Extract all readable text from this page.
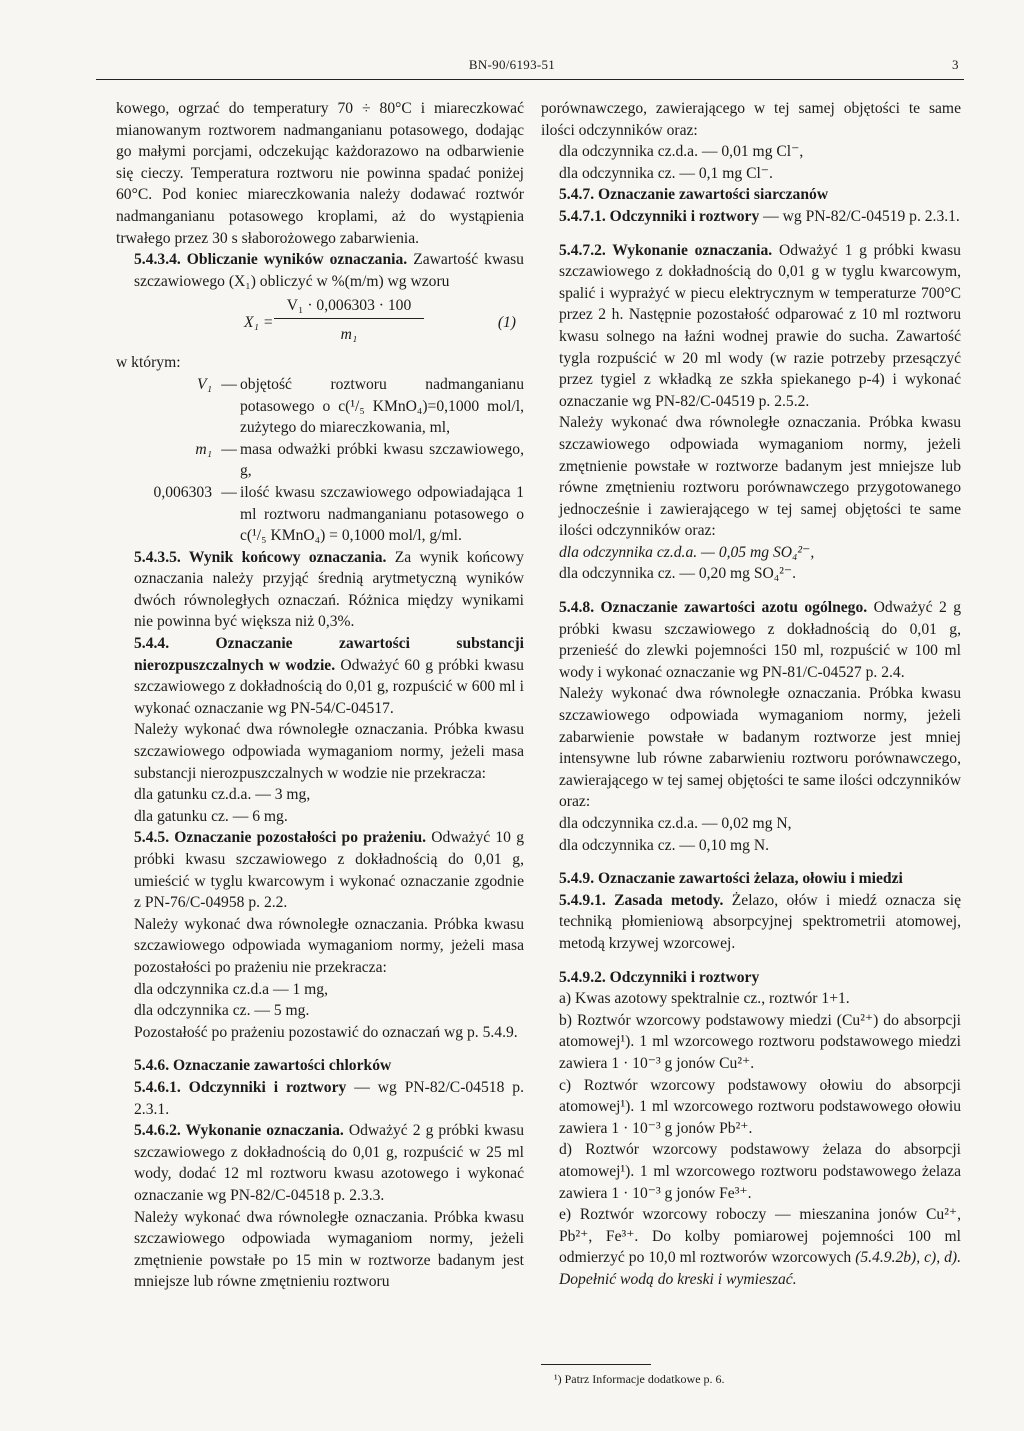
BN-90/6193-51	3

kowego, ogrzać do temperatury 70 ÷ 80°C i miareczkować mianowanym roztworem nadmanganianu potasowego, dodając go małymi porcjami, odczekując każdorazowo na odbarwienie się cieczy. Temperatura roztworu nie powinna spadać poniżej 60°C. Pod koniec miareczkowania należy dodawać roztwór nadmanganianu potasowego kroplami, aż do wystąpienia trwałego przez 30 s słaborożowego zabarwienia.

5.4.3.4. Obliczanie wyników oznaczania. Zawartość kwasu szczawiowego (X₁) obliczyć w %(m/m) wg wzoru

X₁ =
V₁ · 0,006303 · 100
m₁
(1)

w którym:

V₁ — objętość roztworu nadmanganianu potasowego o c(¹/₅ KMnO₄)=0,1000 mol/l, zużytego do miareczkowania, ml,
m₁ — masa odważki próbki kwasu szczawiowego, g,
0,006303 — ilość kwasu szczawiowego odpowiadająca 1 ml roztworu nadmanganianu potasowego o c(¹/₅ KMnO₄) = 0,1000 mol/l, g/ml.

5.4.3.5. Wynik końcowy oznaczania. Za wynik końcowy oznaczania należy przyjąć średnią arytmetyczną wyników dwóch równoległych oznaczań. Różnica między wynikami nie powinna być większa niż 0,3%.

5.4.4. Oznaczanie zawartości substancji nierozpuszczalnych w wodzie. Odważyć 60 g próbki kwasu szczawiowego z dokładnością do 0,01 g, rozpuścić w 600 ml i wykonać oznaczanie wg PN-54/C-04517.

Należy wykonać dwa równoległe oznaczania. Próbka kwasu szczawiowego odpowiada wymaganiom normy, jeżeli masa substancji nierozpuszczalnych w wodzie nie przekracza:

dla gatunku cz.d.a. — 3 mg,

dla gatunku cz. — 6 mg.

5.4.5. Oznaczanie pozostałości po prażeniu. Odważyć 10 g próbki kwasu szczawiowego z dokładnością do 0,01 g, umieścić w tyglu kwarcowym i wykonać oznaczanie zgodnie z PN-76/C-04958 p. 2.2.

Należy wykonać dwa równoległe oznaczania. Próbka kwasu szczawiowego odpowiada wymaganiom normy, jeżeli masa pozostałości po prażeniu nie przekracza:

dla odczynnika cz.d.a — 1 mg,

dla odczynnika cz. — 5 mg.

Pozostałość po prażeniu pozostawić do oznaczań wg p. 5.4.9.

5.4.6. Oznaczanie zawartości chlorków

5.4.6.1. Odczynniki i roztwory — wg PN-82/C-04518 p. 2.3.1.

5.4.6.2. Wykonanie oznaczania. Odważyć 2 g próbki kwasu szczawiowego z dokładnością do 0,01 g, rozpuścić w 25 ml wody, dodać 12 ml roztworu kwasu azotowego i wykonać oznaczanie wg PN-82/C-04518 p. 2.3.3.

Należy wykonać dwa równoległe oznaczania. Próbka kwasu szczawiowego odpowiada wymaganiom normy, jeżeli zmętnienie powstałe po 15 min w roztworze badanym jest mniejsze lub równe zmętnieniu roztworu

porównawczego, zawierającego w tej samej objętości te same ilości odczynników oraz:

dla odczynnika cz.d.a. — 0,01 mg Cl⁻,

dla odczynnika cz. — 0,1 mg Cl⁻.

5.4.7. Oznaczanie zawartości siarczanów

5.4.7.1. Odczynniki i roztwory — wg PN-82/C-04519 p. 2.3.1.

5.4.7.2. Wykonanie oznaczania. Odważyć 1 g próbki kwasu szczawiowego z dokładnością do 0,01 g w tyglu kwarcowym, spalić i wyprażyć w piecu elektrycznym w temperaturze 700°C przez 2 h. Następnie pozostałość odparować z 10 ml roztworu kwasu solnego na łaźni wodnej prawie do sucha. Zawartość tygla rozpuścić w 20 ml wody (w razie potrzeby przesączyć przez tygiel z wkładką ze szkła spiekanego p-4) i wykonać oznaczanie wg PN-82/C-04519 p. 2.5.2.

Należy wykonać dwa równoległe oznaczania. Próbka kwasu szczawiowego odpowiada wymaganiom normy, jeżeli zmętnienie powstałe w roztworze badanym jest mniejsze lub równe zmętnieniu roztworu porównawczego przygotowanego jednocześnie i zawierającego w tej samej objętości te same ilości odczynników oraz:

dla odczynnika cz.d.a. — 0,05 mg SO₄²⁻,

dla odczynnika cz. — 0,20 mg SO₄²⁻.

5.4.8. Oznaczanie zawartości azotu ogólnego. Odważyć 2 g próbki kwasu szczawiowego z dokładnością do 0,01 g, przenieść do zlewki pojemności 150 ml, rozpuścić w 100 ml wody i wykonać oznaczanie wg PN-81/C-04527 p. 2.4.

Należy wykonać dwa równoległe oznaczania. Próbka kwasu szczawiowego odpowiada wymaganiom normy, jeżeli zabarwienie powstałe w badanym roztworze jest mniej intensywne lub równe zabarwieniu roztworu porównawczego, zawierającego w tej samej objętości te same ilości odczynników oraz:

dla odczynnika cz.d.a. — 0,02 mg N,

dla odczynnika cz. — 0,10 mg N.

5.4.9. Oznaczanie zawartości żelaza, ołowiu i miedzi

5.4.9.1. Zasada metody. Żelazo, ołów i miedź oznacza się techniką płomieniową absorpcyjnej spektrometrii atomowej, metodą krzywej wzorcowej.

5.4.9.2. Odczynniki i roztwory

a) Kwas azotowy spektralnie cz., roztwór 1+1.

b) Roztwór wzorcowy podstawowy miedzi (Cu²⁺) do absorpcji atomowej¹). 1 ml wzorcowego roztworu podstawowego miedzi zawiera 1 · 10⁻³ g jonów Cu²⁺.

c) Roztwór wzorcowy podstawowy ołowiu do absorpcji atomowej¹). 1 ml wzorcowego roztworu podstawowego ołowiu zawiera 1 · 10⁻³ g jonów Pb²⁺.

d) Roztwór wzorcowy podstawowy żelaza do absorpcji atomowej¹). 1 ml wzorcowego roztworu podstawowego żelaza zawiera 1 · 10⁻³ g jonów Fe³⁺.

e) Roztwór wzorcowy roboczy — mieszanina jonów Cu²⁺, Pb²⁺, Fe³⁺. Do kolby pomiarowej pojemności 100 ml odmierzyć po 10,0 ml roztworów wzorcowych (5.4.9.2b), c), d). Dopełnić wodą do kreski i wymieszać.

¹) Patrz Informacje dodatkowe p. 6.
